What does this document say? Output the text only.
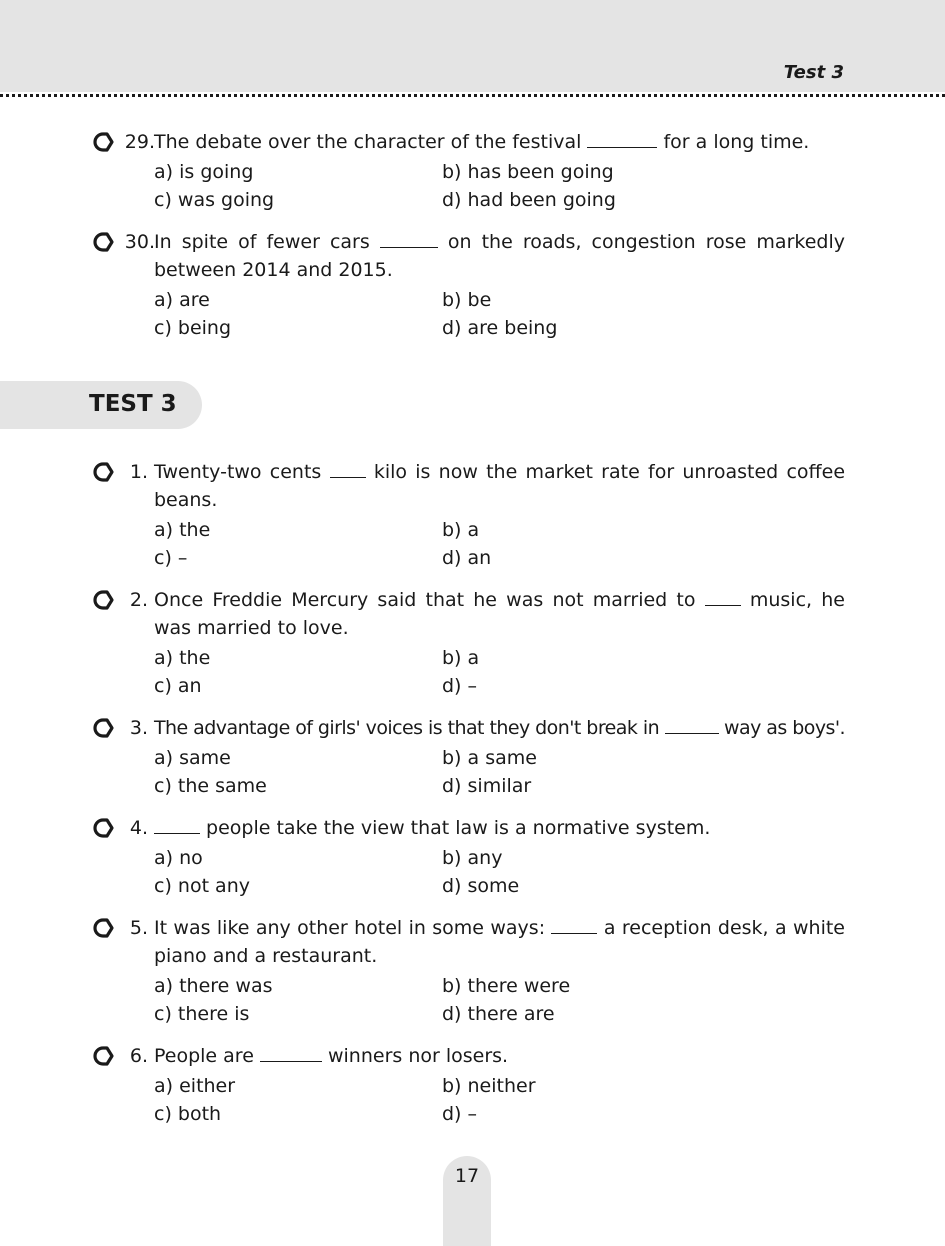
Test 3
29. The debate over the character of the festival	for a long time.
a) is going	b) has been going
c) was going	d) had been going
30. In spite of fewer cars	on the roads, congestion rose markedly between 2014 and 2015.
a) are	b) be
c) being	d) are being
TEST 3
1. Twenty-two cents  kilo is now the market rate for unroasted coffee beans.
a) the	b) a
c) –	d) an
2. Once Freddie Mercury said that he was not married to  music, he was married to love.
a) the	b) a
c) an	d) –
3. The advantage of girls' voices is that they don't break in	way as boys'.
a) same	b) a same
c) the same	d) similar
4.	people take the view that law is a normative system.
a) no	b) any
c) not any	d) some
5. It was like any other hotel in some ways:  a reception desk, a white piano and a restaurant.
a) there was	b) there were
c) there is	d) there are
6. People are	winners nor losers.
a) either	b) neither
c) both	d) –
17
